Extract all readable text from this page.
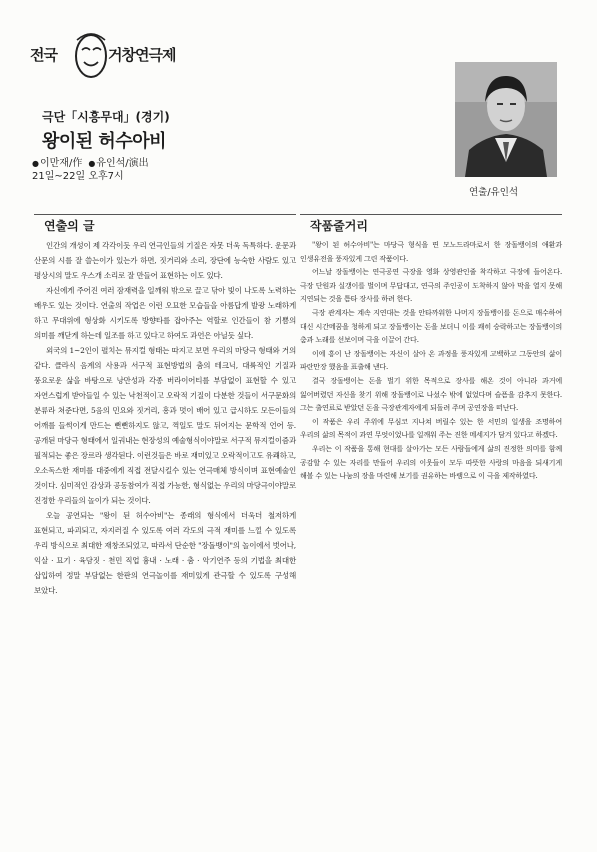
전국	거창연극제
극단「시흥무대」(경기)
왕이된 허수아비
● 이만재/作
●	유인석/演出
21일~22일 오후7시
연출/유인석
연출의 글

인간의 개성이 제 각각이듯 우리 연극인들의 기질은 자못 더욱 독특하다. 운문과 산문의 시를 잘 쓸는이가 있는가 하면, 짓거리와 소리, 장단에 능숙한 사람도 있고 평상시의 말도 우스개 소리로 잘 만들어 표현하는 이도 있다.

자신에게 주어진 여러 잠재력을 일깨워 밖으로 끌고 닦아 빛이 나도록 노력하는 배우도 있는 것이다. 연출의 작업은 이런 오묘한 모습들을 아름답게 발광 노래하게 하고 무대위에 형상화 시키도록 방향타를 잡아주는 역할로 인간들이 참 기쁨의 의미를 깨닫게 하는데 일조를 하고 있다고 하여도 과언은 아닐듯 싶다.

외국의 1~2인이 펼치는 뮤지컬 형태는 따지고 보면 우리의 마당극 형태와 거의 같다. 클라식 음계의 사용과 서구적 표현방법의 춤의 테크닉, 대륙적인 기질과 풍요로운 삶을 바탕으로 낭만성과 각종 버라이어티를 부담없이 표현할 수 있고 자연스럽게 받아들일 수 있는 낙천적이고 오락적 기질이 다분한 것들이 서구문화의 분류라 쳐준다면, 5음의 민요와 짓거리, 흥과 멋이 배어 있고 급시하도 모든이들의 어깨를 들썩이게 만드는 뻔뻔하지도 않고, 꺽일도 말도 뒤어지는 문학적 언어 등. 공개된 마당극 형태에서 일궈내는 현장성의 예술형식이야말로 서구적 뮤지컬이즘과 필적되는 좋은 장르라 생각된다. 이런것들은 바로 재미있고 오락적이고도 유쾌하고, 오소독스한 재미를 대중에게 직접 전달시킬수 있는 연극매체 방식이며 표현예술인 것이다. 심미적인 감상과 공동참여가 직접 가능한, 형식없는 우리의 마당극이야말로 진정한 우리들의 놀이가 되는 것이다.

오늘 공연되는 "왕이 된 허수아비"는 종래의 형식에서 더욱더 철저하게 표현되고, 파괴되고, 자지러질 수 있도록 여러 각도의 극적 재미를 느낄 수 있도록 우리 방식으로 최대한 재창조되었고, 따라서 단순한 "장돌뱅이"의 놀이에서 벗어나, 익살 · 묘기 · 육담짓 · 천민 직업 흉내 · 노래 · 춤 · 악기연주 등의 기법을 최대한 삽입하여 정말 부담없는 한판의 연극놀이를 재미있게 관극할 수 있도록 구성해 보았다.

작품줄거리

"왕이 된 허수아비"는 마당극 형식을 띤 모노드라마로서 한 장돌뱅이의 애환과 인생유전을 풍자있게 그린 작품이다.

어느날 장돌뱅이는 연극공연 극장을 영화 상영관인줄 착각하고 극장에 들어온다. 극장 단원과 실갱이를 벌이며 무답대고, 연극의 주인공이 도착하지 않아 막을 열지 못해 지연되는 것을 틈타 장사를 하려 한다.

극장 관계자는 계속 지연대는 것을 안타까워한 나머지 장돌뱅이를 돈으로 매수하여 대신 시간메꿈을 청하게 되고 장돌뱅이는 돈을 보더니 이를 쾌히 승락하고는 장돌뱅이의 춤과 노래를 선보이며 극을 이끌어 간다.

이에 흥이 난 장돌뱅이는 자신이 살아 온 과정을 풍자있게 고백하고 그동안의 삶이 파란만장 했음을 표출해 낸다.

결국 장돌뱅이는 돈을 벌기 위한 목적으로 장사를 해온 것이 아니라 과거에 잃어버렸던 자신을 찾기 위해 장돌뱅이로 나섰수 밖에 없었다며 슬픔을 감추지 못한다. 그는 출연료로 받았던 돈을 극장관계자에게 되돌려 주며 공연장을 떠난다.

이 작품은 우리 주위에 무심코 지나쳐 버릴수 있는 한 서민의 일생을 조명하여 우리의 삶의 목적이 과연 무엇이었나를 일깨워 주는 진한 메세지가 담겨 있다고 하겠다.

우리는 이 작품을 통해 현대를 살아가는 모든 사람들에게 삶의 진정한 의미를 함께 공감할 수 있는 자리를 만들어 우리의 이웃들이 모두 따뜻한 사랑의 마음을 되새기게 해볼 수 있는 나눔의 장을 마련해 보기를 권유하는 바램으로 이 극을 제작하였다.
